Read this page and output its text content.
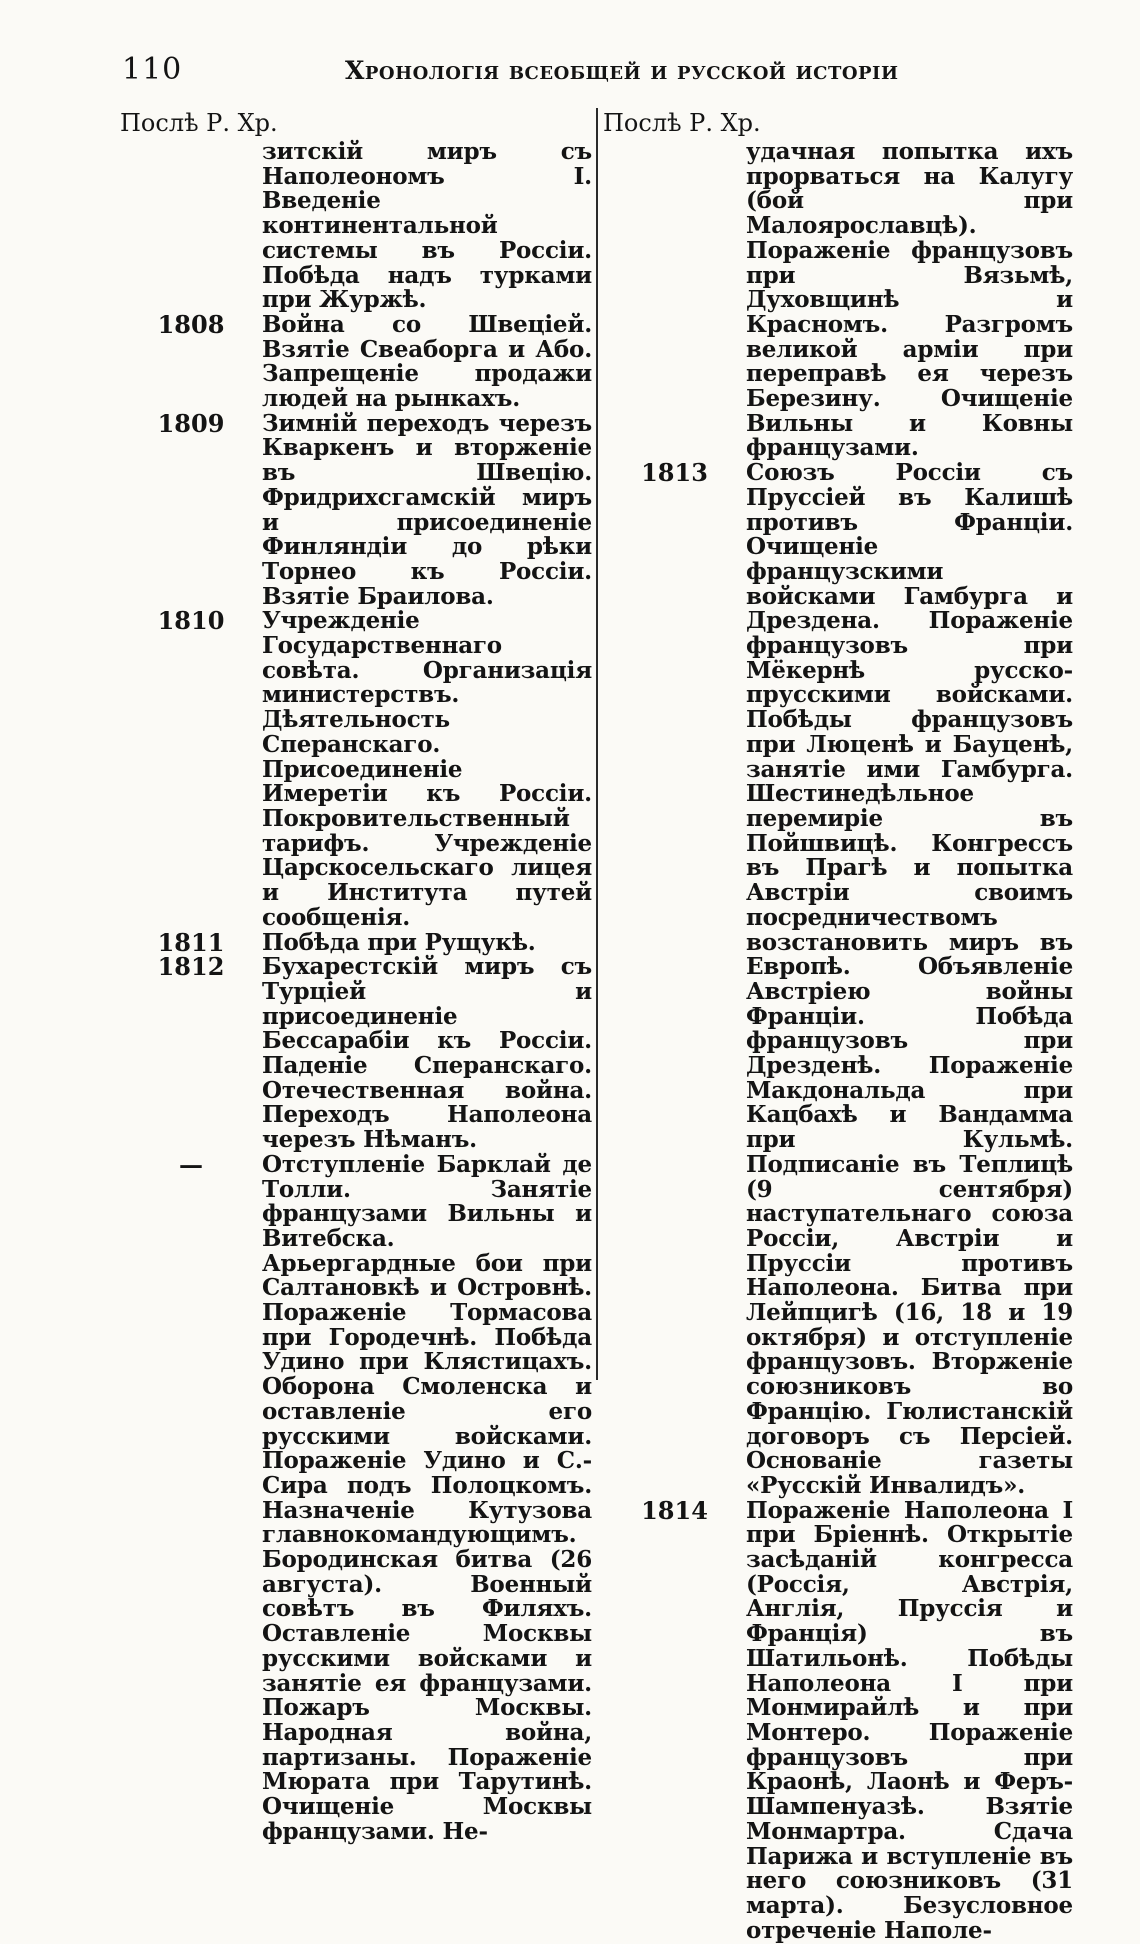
110	Хронологія всеобщей и русской исторіи
Послѣ Р. Хр.
зитскій миръ съ Наполеономъ I. Введеніе континентальной системы въ Россіи. Побѣда надъ турками при Журжѣ.
1808	Война со Швеціей. Взятіе Свеаборга и Або. Запрещеніе продажи людей на рынкахъ.
1809	Зимній переходъ черезъ Кваркенъ и вторженіе въ Швецію. Фридрихсгамскій миръ и присоединеніе Финляндіи до рѣки Торнео къ Россіи. Взятіе Браилова.
1810	Учрежденіе Государственнаго совѣта. Организація министерствъ. Дѣятельность Сперанскаго. Присоединеніе Имеретіи къ Россіи. Покровительственный тарифъ. Учрежденіе Царскосельскаго лицея и Института путей сообщенія.
1811	Побѣда при Рущукѣ.
1812	Бухарестскій миръ съ Турціей и присоединеніе Бессарабіи къ Россіи. Паденіе Сперанскаго. Отечественная война. Переходъ Наполеона черезъ Нѣманъ.
—	Отступленіе Барклай де Толли. Занятіе французами Вильны и Витебска. Арьергардные бои при Салтановкѣ и Островнѣ. Пораженіе Тормасова при Городечнѣ. Побѣда Удино при Клястицахъ. Оборона Смоленска и оставленіе его русскими войсками. Пораженіе Удино и С.-Сира подъ Полоцкомъ. Назначеніе Кутузова главнокомандующимъ. Бородинская битва (26 августа). Военный совѣтъ въ Филяхъ. Оставленіе Москвы русскими войсками и занятіе ея французами. Пожаръ Москвы. Народная война, партизаны. Пораженіе Мюрата при Тарутинѣ. Очищеніе Москвы французами. Не-
Послѣ Р. Хр.
удачная попытка ихъ прорваться на Калугу (бой при Малоярославцѣ). Пораженіе французовъ при Вязьмѣ, Духовщинѣ и Красномъ. Разгромъ великой арміи при переправѣ ея черезъ Березину. Очищеніе Вильны и Ковны французами.
1813	Союзъ Россіи съ Пруссіей въ Калишѣ противъ Франціи. Очищеніе французскими войсками Гамбурга и Дрездена. Пораженіе французовъ при Мёкернѣ русско-прусскими войсками. Побѣды французовъ при Люценѣ и Бауценѣ, занятіе ими Гамбурга. Шестинедѣльное перемиріе въ Пойшвицѣ. Конгрессъ въ Прагѣ и попытка Австріи своимъ посредничествомъ возстановить миръ въ Европѣ. Объявленіе Австріею войны Франціи. Побѣда французовъ при Дрезденѣ. Пораженіе Макдональда при Кацбахѣ и Вандамма при Кульмѣ. Подписаніе въ Теплицѣ (9 сентября) наступательнаго союза Россіи, Австріи и Пруссіи противъ Наполеона. Битва при Лейпцигѣ (16, 18 и 19 октября) и отступленіе французовъ. Вторженіе союзниковъ во Францію. Гюлистанскій договоръ съ Персіей. Основаніе газеты «Русскій Инвалидъ».
1814	Пораженіе Наполеона I при Бріеннѣ. Открытіе засѣданій конгресса (Россія, Австрія, Англія, Пруссія и Франція) въ Шатильонѣ. Побѣды Наполеона I при Монмирайлѣ и при Монтеро. Пораженіе французовъ при Краонѣ, Лаонѣ и Феръ-Шампенуазѣ. Взятіе Монмартра. Сдача Парижа и вступленіе въ него союзниковъ (31 марта). Безусловное отреченіе Наполе-
